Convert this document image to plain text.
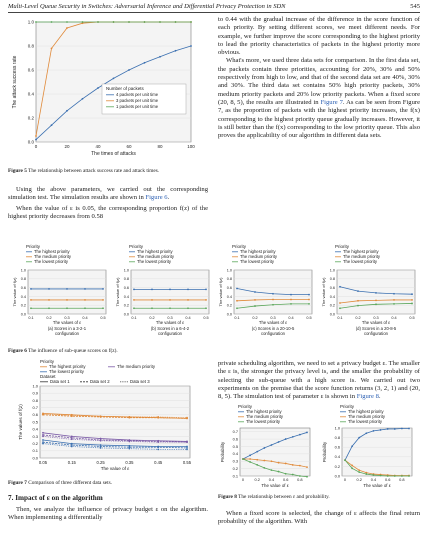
Multi-Level Queue Security in Switches: Adversarial Inference and Differential Privacy Protection in SDN	545
0.0
0.2
0.4
0.6
0.8
1.0
0	20	40	60	80	100
The times of attacks
The attack success rate	Number of packets
4 packets per unit time
3 packets per unit time
1 packets per unit time
Figure 5 The relationship between attack success rate and attack times.

Using the above parameters, we carried out the corresponding simulation test. The simulation results are shown in Figure 6.

When the value of ε is 0.05, the corresponding proportion f(z) of the highest priority decreases from 0.58

to 0.44 with the gradual increase of the difference in the score function of each priority. By setting different scores, we meet different needs. For example, we further improve the score corresponding to the highest priority to lead the priority characteristics of packets in the highest priority more obvious.

What's more, we used three data sets for comparison. In the first data set, the packets contain three priorities, accounting for 20%, 30% and 50% respectively from high to low, and that of the second data set are 40%, 30% and 30%. The third data set contains 50% high priority packets, 30% medium priority packets and 20% low priority packets. When a fixed score (20, 8, 5), the results are illustrated in Figure 7. As can be seen from Figure 7, as the proportion of packets with the highest priority increases, the f(x) corresponding to the highest priority queue gradually increases. However, it is still better than the f(x) corresponding to the low priority queue. This also proves the applicability of our algorithm in different data sets.

Priority
The highest priority
The medium priority
The lowest priority
0.0
0.2
0.4
0.6
0.8
1.0
0.1	0.2	0.3	0.4	0.5
The values of ε
The value of f(z)
(a) Scores in a 3-2-1
configuration
Priority
The highest priority
The medium priority
The lowest priority
0.0
0.2
0.4
0.6
0.8
1.0
0.1	0.2	0.3	0.4	0.5
The values of ε
The value of f(z)
(b) Scores in a 6-4-2
configuration
Priority
The highest priority
The medium priority
The lowest priority
0.0
0.2
0.4
0.6
0.8
1.0
0.1	0.2	0.3	0.4	0.5
The values of ε
The value of f(z)
(c) Scores in a 20-10-5
configuration
Priority
The highest priority
The medium priority
The lowest priority
0.0
0.2
0.4
0.6
0.8
1.0
0.1	0.2	0.3	0.4	0.5
The values of ε
The value of f(z)
(d) Scores in a 20-8-5
configuration
Figure 6 The influence of sub-queue scores on f(z).
Priority
The highest priority	The medium priority
The lowest priority
Dataset
Data set 1	Data set 2	Data set 3
0.0
0.1
0.2
0.3
0.4
0.5
0.6
0.7
0.8
0.9
1.0
0.05	0.15	0.25	0.35	0.45	0.55
The value of ε
The values of f(z)
Figure 7 Comparison of three different data sets.
7. Impact of ε on the algorithm
Then, we analyze the influence of privacy budget ε on the algorithm. When implementing a differentially

private scheduling algorithm, we need to set a privacy budget ε. The smaller the ε is, the stronger the privacy level is, and the smaller the probability of selecting the sub-queue with a high score is. We carried out two experiments on the premise that the score function returns (3, 2, 1) and (20, 8, 5). The simulation test of parameter ε is shown in Figure 8.

Priority
The highest priority
The medium priority
The lowest priority
0.1
0.2
0.3
0.4
0.5
0.6
0.7
0	0.2 0.4 0.6 0.8
The value of ε
Probability
Priority
The highest priority
The medium priority
The lowest priority
0.0
0.2
0.4
0.6
0.8
1.0
0	0.2 0.4 0.6 0.8
The value of ε
Probability
Figure 8 The relationship between ε and probability.
When a fixed score is selected, the change of ε affects the final return probability of the algorithm. With
